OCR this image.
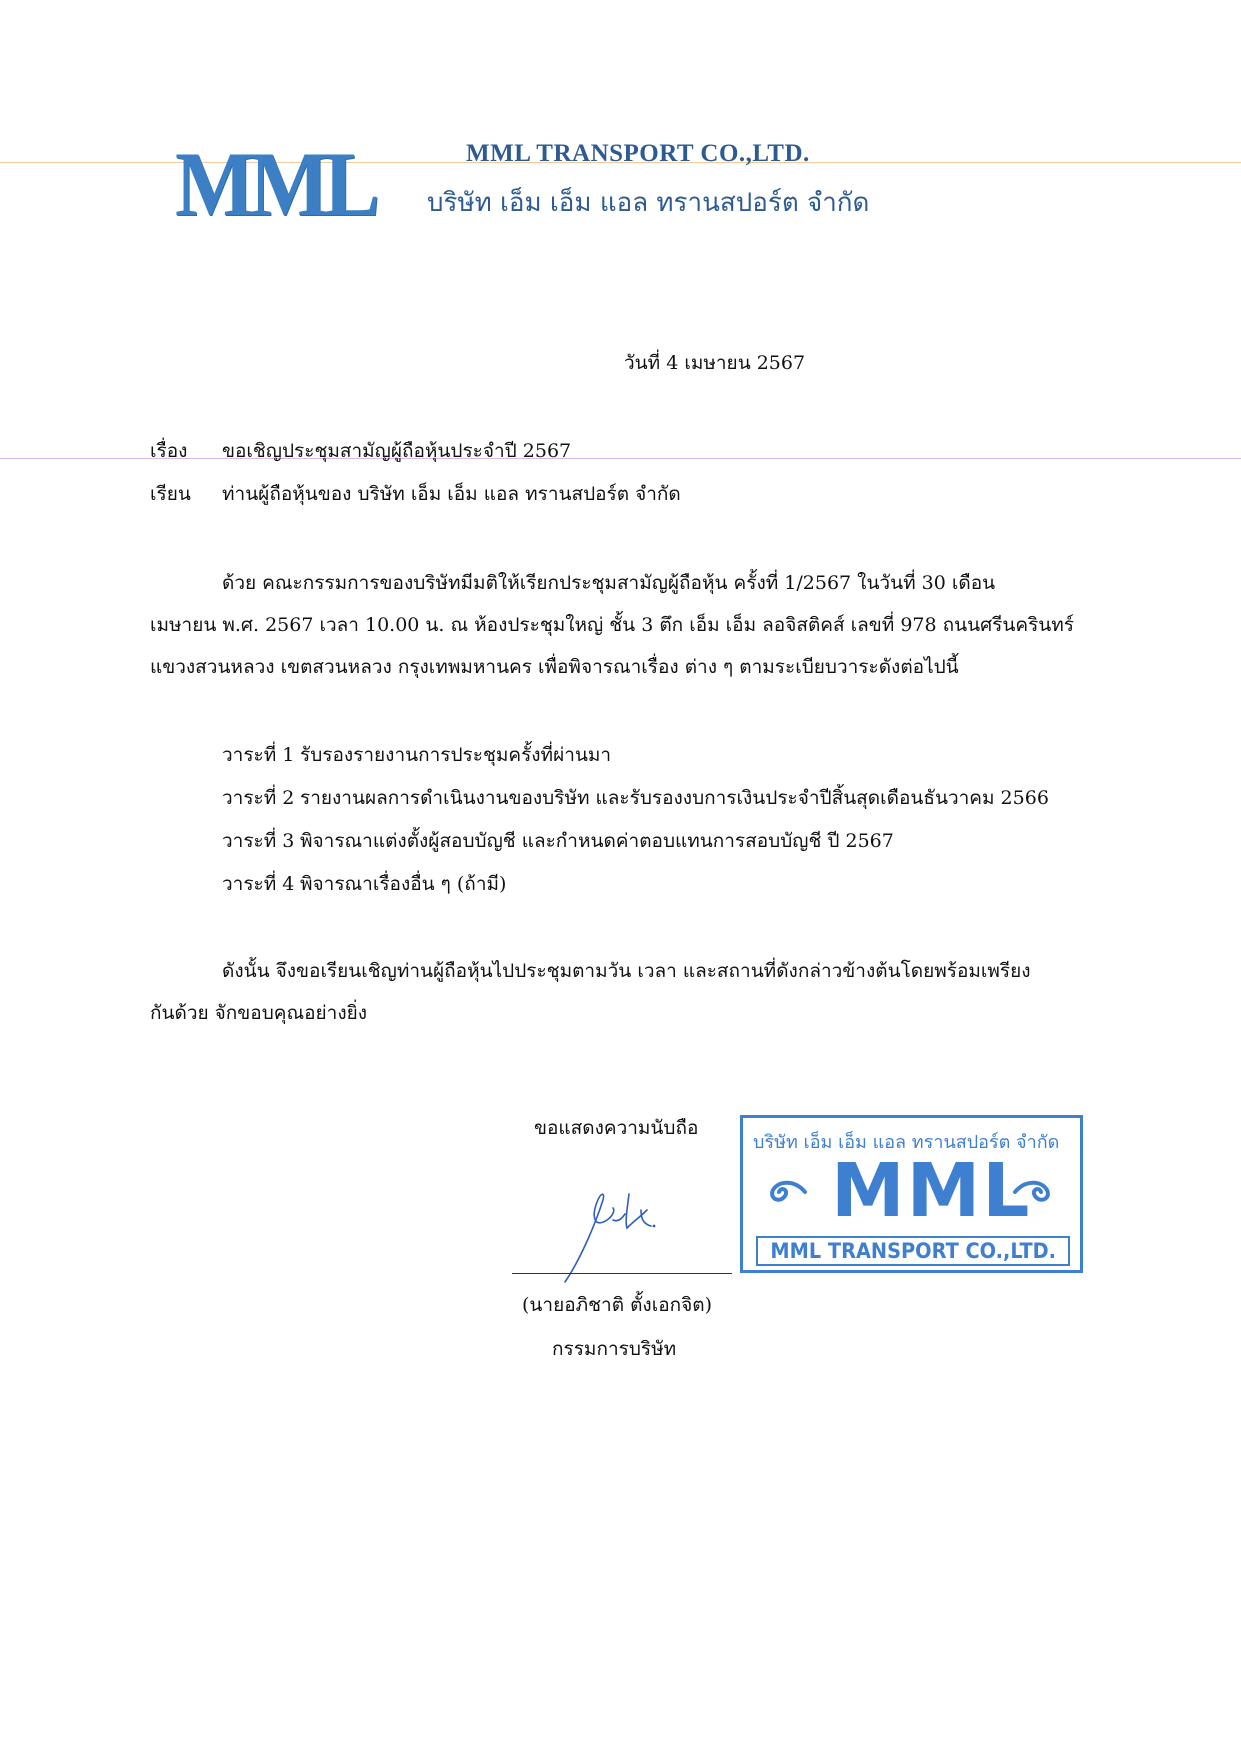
MML	MML TRANSPORT CO.,LTD.
บริษัท เอ็ม เอ็ม แอล ทรานสปอร์ต จำกัด
วันที่ 4 เมษายน 2567
เรื่อง ขอเชิญประชุมสามัญผู้ถือหุ้นประจำปี 2567
เรียน ท่านผู้ถือหุ้นของ บริษัท เอ็ม เอ็ม แอล ทรานสปอร์ต จำกัด
ด้วย คณะกรรมการของบริษัทมีมติให้เรียกประชุมสามัญผู้ถือหุ้น ครั้งที่ 1/2567 ในวันที่ 30 เดือน
เมษายน พ.ศ. 2567 เวลา 10.00 น. ณ ห้องประชุมใหญ่ ชั้น 3 ตึก เอ็ม เอ็ม ลอจิสติคส์ เลขที่ 978 ถนนศรีนครินทร์
แขวงสวนหลวง เขตสวนหลวง กรุงเทพมหานคร เพื่อพิจารณาเรื่อง ต่าง ๆ ตามระเบียบวาระดังต่อไปนี้
วาระที่ 1 รับรองรายงานการประชุมครั้งที่ผ่านมา
วาระที่ 2 รายงานผลการดำเนินงานของบริษัท และรับรองงบการเงินประจำปีสิ้นสุดเดือนธันวาคม 2566
วาระที่ 3 พิจารณาแต่งตั้งผู้สอบบัญชี และกำหนดค่าตอบแทนการสอบบัญชี ปี 2567
วาระที่ 4 พิจารณาเรื่องอื่น ๆ (ถ้ามี)
ดังนั้น จึงขอเรียนเชิญท่านผู้ถือหุ้นไปประชุมตามวัน เวลา และสถานที่ดังกล่าวข้างต้นโดยพร้อมเพรียง
กันด้วย จักขอบคุณอย่างยิ่ง
ขอแสดงความนับถือ
(นายอภิชาติ ตั้งเอกจิต)
กรรมการบริษัท
บริษัท เอ็ม เอ็ม แอล ทรานสปอร์ต จำกัด
MML
MML TRANSPORT CO.,LTD.
